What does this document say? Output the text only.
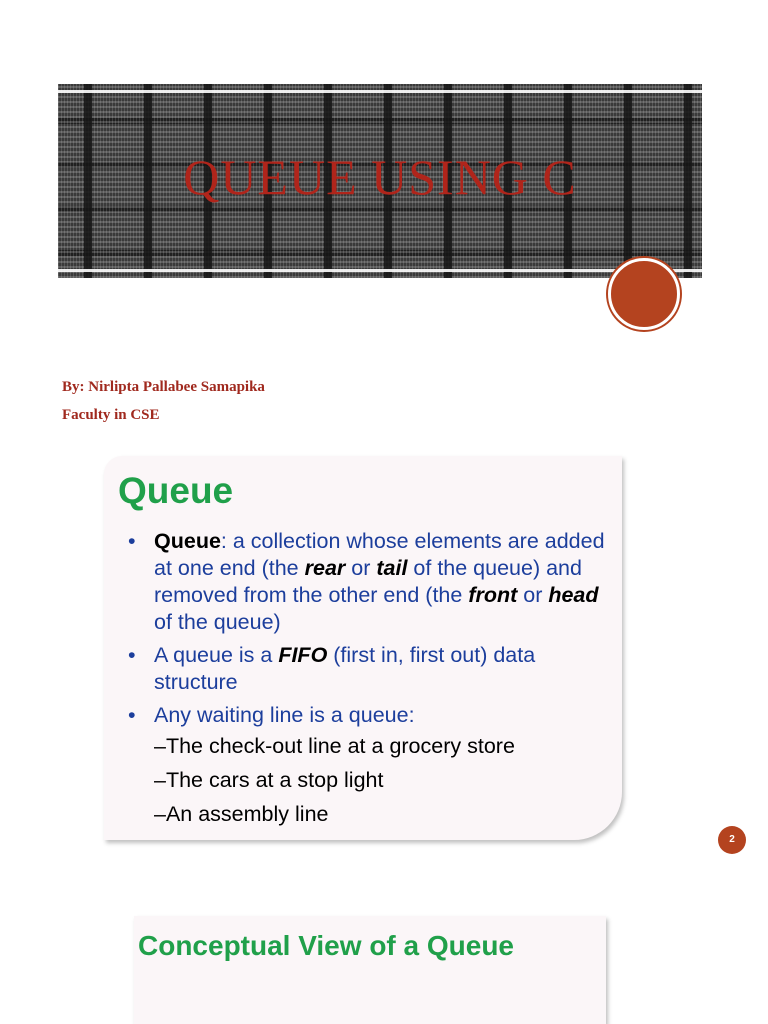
QUEUE USING C
By: Nirlipta Pallabee Samapika
Faculty in CSE
Queue
• Queue: a collection whose elements are added at one end (the rear or tail of the queue) and removed from the other end (the front or head of the queue)
• A queue is a FIFO (first in, first out) data structure
• Any waiting line is a queue:
–The check-out line at a grocery store
–The cars at a stop light
–An assembly line
2
Conceptual View of a Queue
